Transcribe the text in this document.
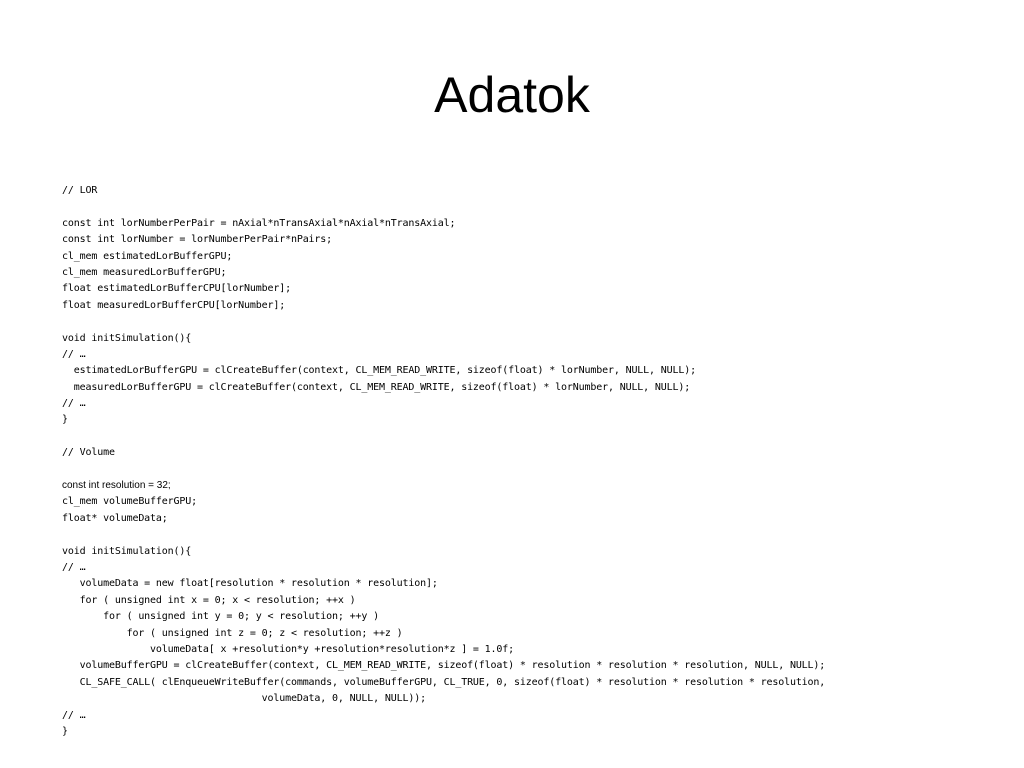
Adatok
// LOR
const int lorNumberPerPair = nAxial*nTransAxial*nAxial*nTransAxial;
const int lorNumber = lorNumberPerPair*nPairs;
cl_mem estimatedLorBufferGPU;
cl_mem measuredLorBufferGPU;
float estimatedLorBufferCPU[lorNumber];
float measuredLorBufferCPU[lorNumber];
void initSimulation(){
// …
estimatedLorBufferGPU = clCreateBuffer(context, CL_MEM_READ_WRITE, sizeof(float) * lorNumber, NULL, NULL);
measuredLorBufferGPU = clCreateBuffer(context, CL_MEM_READ_WRITE, sizeof(float) * lorNumber, NULL, NULL);
// …
}
// Volume
const int resolution = 32;
cl_mem volumeBufferGPU;
float* volumeData;
void initSimulation(){
// …
volumeData = new float[resolution * resolution * resolution];
for ( unsigned int x = 0; x < resolution; ++x )
for ( unsigned int y = 0; y < resolution; ++y )
for ( unsigned int z = 0; z < resolution; ++z )
volumeData[ x +resolution*y +resolution*resolution*z ] = 1.0f;
volumeBufferGPU = clCreateBuffer(context, CL_MEM_READ_WRITE, sizeof(float) * resolution * resolution * resolution, NULL, NULL);
CL_SAFE_CALL( clEnqueueWriteBuffer(commands, volumeBufferGPU, CL_TRUE, 0, sizeof(float) * resolution * resolution * resolution,
volumeData, 0, NULL, NULL));
// …
}
